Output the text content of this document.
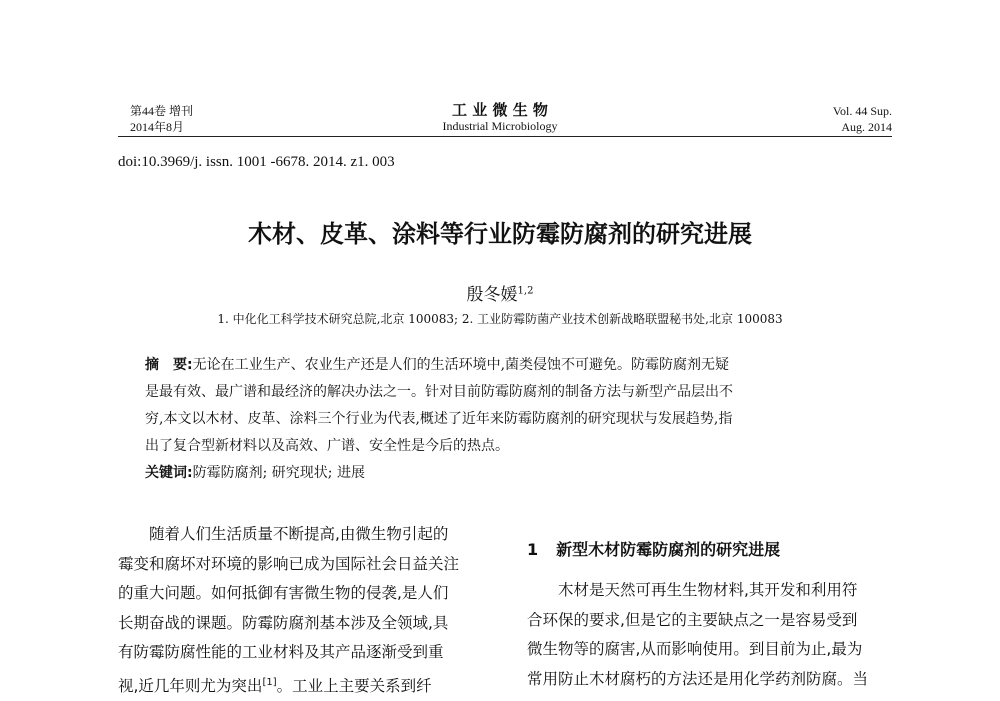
第44卷 增刊
2014年8月
工 业 微 生 物
Industrial Microbiology
Vol. 44 Sup.
Aug. 2014
doi:10.3969/j. issn. 1001 -6678. 2014. z1. 003
木材、皮革、涂料等行业防霉防腐剂的研究进展
殷冬媛$^{1,2}$
1. 中化化工科学技术研究总院,北京 100083; 2. 工业防霉防菌产业技术创新战略联盟秘书处,北京 100083
摘　要:无论在工业生产、农业生产还是人们的生活环境中,菌类侵蚀不可避免。防霉防腐剂无疑
是最有效、最广谱和最经济的解决办法之一。针对目前防霉防腐剂的制备方法与新型产品层出不
穷,本文以木材、皮革、涂料三个行业为代表,概述了近年来防霉防腐剂的研究现状与发展趋势,指
出了复合型新材料以及高效、广谱、安全性是今后的热点。
关键词:防霉防腐剂; 研究现状; 进展
随着人们生活质量不断提高,由微生物引起的
霉变和腐坏对环境的影响已成为国际社会日益关注
的重大问题。如何抵御有害微生物的侵袭,是人们
长期奋战的课题。防霉防腐剂基本涉及全领域,具
有防霉防腐性能的工业材料及其产品逐渐受到重
视,近几年则尤为突出[1]。工业上主要关系到纤
1 新型木材防霉防腐剂的研究进展
木材是天然可再生生物材料,其开发和利用符
合环保的要求,但是它的主要缺点之一是容易受到
微生物等的腐害,从而影响使用。到目前为止,最为
常用防止木材腐朽的方法还是用化学药剂防腐。当
